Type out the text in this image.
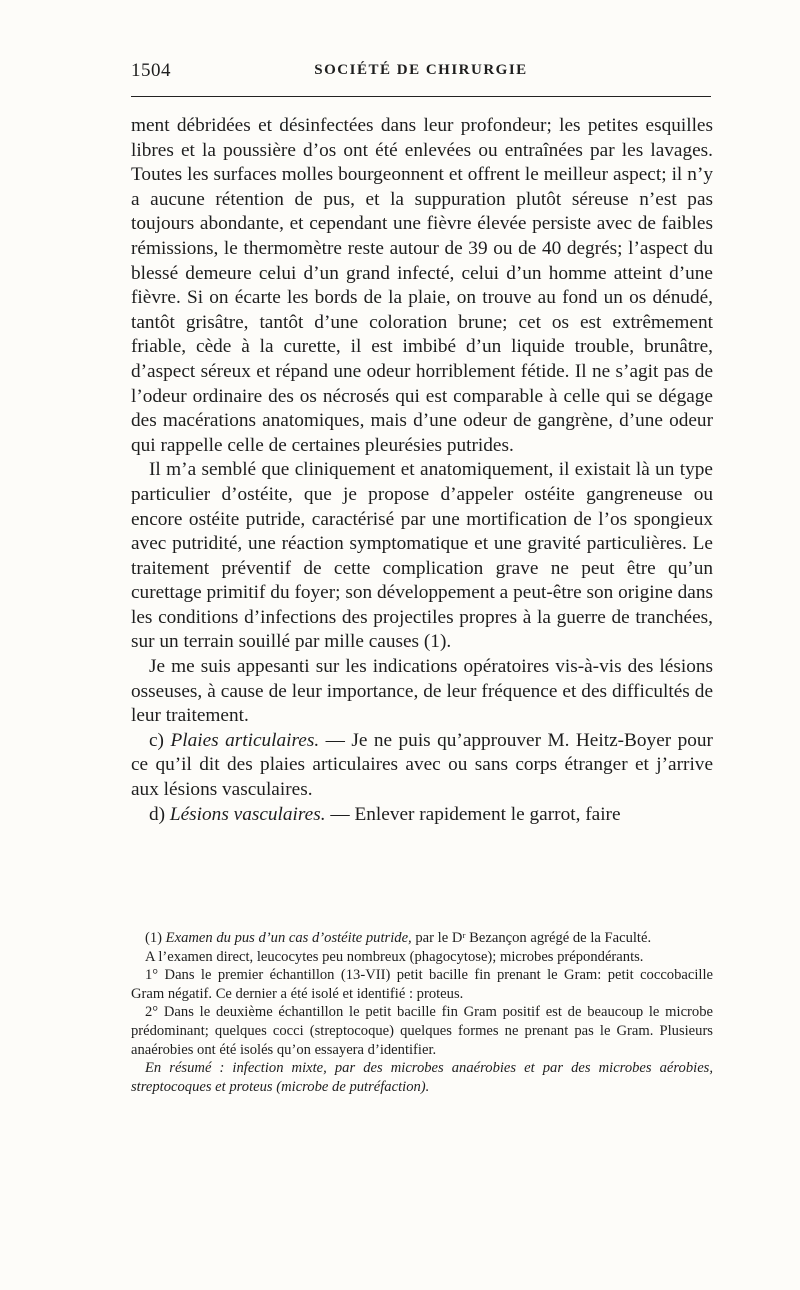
1504	SOCIÉTÉ DE CHIRURGIE

ment débridées et désinfectées dans leur profondeur; les petites esquilles libres et la poussière d’os ont été enlevées ou entraînées par les lavages. Toutes les surfaces molles bourgeonnent et offrent le meilleur aspect; il n’y a aucune rétention de pus, et la suppuration plutôt séreuse n’est pas toujours abondante, et cependant une fièvre élevée persiste avec de faibles rémissions, le thermomètre reste autour de 39 ou de 40 degrés; l’aspect du blessé demeure celui d’un grand infecté, celui d’un homme atteint d’une fièvre. Si on écarte les bords de la plaie, on trouve au fond un os dénudé, tantôt grisâtre, tantôt d’une coloration brune; cet os est extrêmement friable, cède à la curette, il est imbibé d’un liquide trouble, brunâtre, d’aspect séreux et répand une odeur horriblement fétide. Il ne s’agit pas de l’odeur ordinaire des os nécrosés qui est comparable à celle qui se dégage des macérations anatomiques, mais d’une odeur de gangrène, d’une odeur qui rappelle celle de certaines pleurésies putrides.

Il m’a semblé que cliniquement et anatomiquement, il existait là un type particulier d’ostéite, que je propose d’appeler ostéite gangreneuse ou encore ostéite putride, caractérisé par une mortification de l’os spongieux avec putridité, une réaction symptomatique et une gravité particulières. Le traitement préventif de cette complication grave ne peut être qu’un curettage primitif du foyer; son développement a peut-être son origine dans les conditions d’infections des projectiles propres à la guerre de tranchées, sur un terrain souillé par mille causes (1).

Je me suis appesanti sur les indications opératoires vis-à-vis des lésions osseuses, à cause de leur importance, de leur fréquence et des difficultés de leur traitement.

c) Plaies articulaires. — Je ne puis qu’approuver M. Heitz-Boyer pour ce qu’il dit des plaies articulaires avec ou sans corps étranger et j’arrive aux lésions vasculaires.

d) Lésions vasculaires. — Enlever rapidement le garrot, faire

(1) Examen du pus d’un cas d’ostéite putride, par le Dʳ Bezançon agrégé de la Faculté.

A l’examen direct, leucocytes peu nombreux (phagocytose); microbes prépondérants.

1° Dans le premier échantillon (13-VII) petit bacille fin prenant le Gram: petit coccobacille Gram négatif. Ce dernier a été isolé et identifié : proteus.

2° Dans le deuxième échantillon le petit bacille fin Gram positif est de beaucoup le microbe prédominant; quelques cocci (streptocoque) quelques formes ne prenant pas le Gram. Plusieurs anaérobies ont été isolés qu’on essayera d’identifier.

En résumé : infection mixte, par des microbes anaérobies et par des microbes aérobies, streptocoques et proteus (microbe de putréfaction).
